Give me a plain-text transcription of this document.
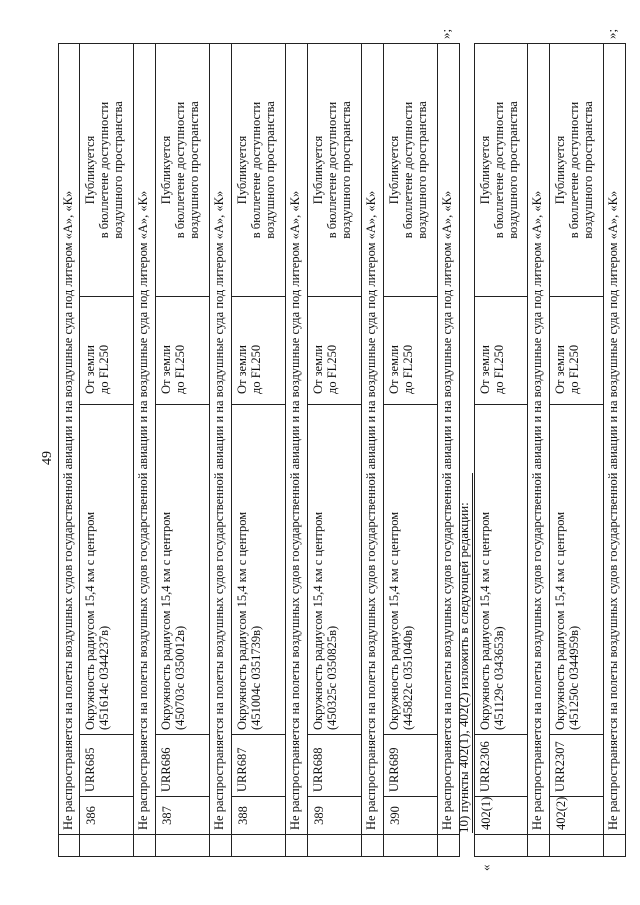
49 Не распространяется на полеты воздушных судов государственной авиации и на воздушные суда под литером «А», «К» 386
URR685
Окружность радиусом 15,4 км с центром (451614с 0344237в)
От земли до FL250
Публикуется в бюллетене доступности воздушного пространства
Не распространяется на полеты воздушных судов государственной авиации и на воздушные суда под литером «А», «К» 387
URR686
Окружность радиусом 15,4 км с центром (450703с 0350012в)
От земли до FL250
Публикуется в бюллетене доступности воздушного пространства
Не распространяется на полеты воздушных судов государственной авиации и на воздушные суда под литером «А», «К» 388
URR687
Окружность радиусом 15,4 км с центром (451004с 0351739в)
От земли до FL250
Публикуется в бюллетене доступности воздушного пространства
Не распространяется на полеты воздушных судов государственной авиации и на воздушные суда под литером «А», «К» 389
URR688
Окружность радиусом 15,4 км с центром (450325с 0350825в)
От земли до FL250
Публикуется в бюллетене доступности воздушного пространства
Не распространяется на полеты воздушных судов государственной авиации и на воздушные суда под литером «А», «К» 390
URR689
Окружность радиусом 15,4 км с центром (445822с 0351040в)
От земли до FL250
Публикуется в бюллетене доступности воздушного пространства
Не распространяется на полеты воздушных судов государственной авиации и на воздушные суда под литером «А», «К»
»;
10) пункты 402(1), 402(2) изложить в следующей редакции:
«
402(1)
URR2306
Окружность радиусом 15,4 км с центром (451129с 0343653в)
От земли до FL250
Публикуется в бюллетене доступности воздушного пространства
Не распространяется на полеты воздушных судов государственной авиации и на воздушные суда под литером «А», «К» 402(2)
URR2307
Окружность радиусом 15,4 км с центром (451250с 0344959в)
От земли до FL250
Публикуется в бюллетене доступности воздушного пространства
Не распространяется на полеты воздушных судов государственной авиации и на воздушные суда под литером «А», «К»
»;
